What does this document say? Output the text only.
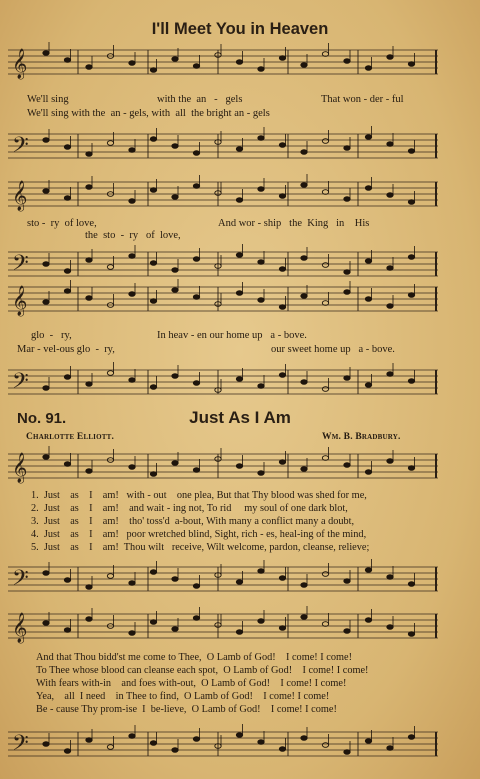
I'll Meet You in Heaven
𝄞
We'll sing	with the  an   -   gels	That won - der - ful
We'll sing with the  an - gels, with  all  the bright an - gels
𝄢
𝄞
sto -  ry  of love,	And wor - ship   the  King   in    His
the  sto  -  ry   of  love,
𝄢
𝄞
glo  -   ry,	In heav - en our home up   a - bove.
Mar - vel-ous glo  -  ry,	our sweet home up   a - bove.
𝄢
No. 91.	Just As I Am
Charlotte Elliott.	Wm. B. Bradbury.
𝄞
1.  Just    as    I    am!   with - out    one plea, But that Thy blood was shed for me,
2.  Just    as    I    am!    and wait - ing not, To rid     my soul of one dark blot,
3.  Just    as    I    am!    tho' toss'd  a-bout, With many a conflict many a doubt,
4.  Just    as    I    am!   poor wretched blind, Sight, rich - es, heal-ing of the mind,
5.  Just    as    I    am!  Thou wilt   receive, Wilt welcome, pardon, cleanse, relieve;
𝄢
𝄞
And that Thou bidd'st me come to Thee,  O Lamb of God!    I come! I come!
To Thee whose blood can cleanse each spot,  O Lamb of God!    I come! I come!
With fears with-in    and foes with-out,  O Lamb of God!    I come! I come!
Yea,    all  I need    in Thee to find,  O Lamb of God!    I come! I come!
Be - cause Thy prom-ise  I  be-lieve,  O Lamb of God!    I come! I come!
𝄢
